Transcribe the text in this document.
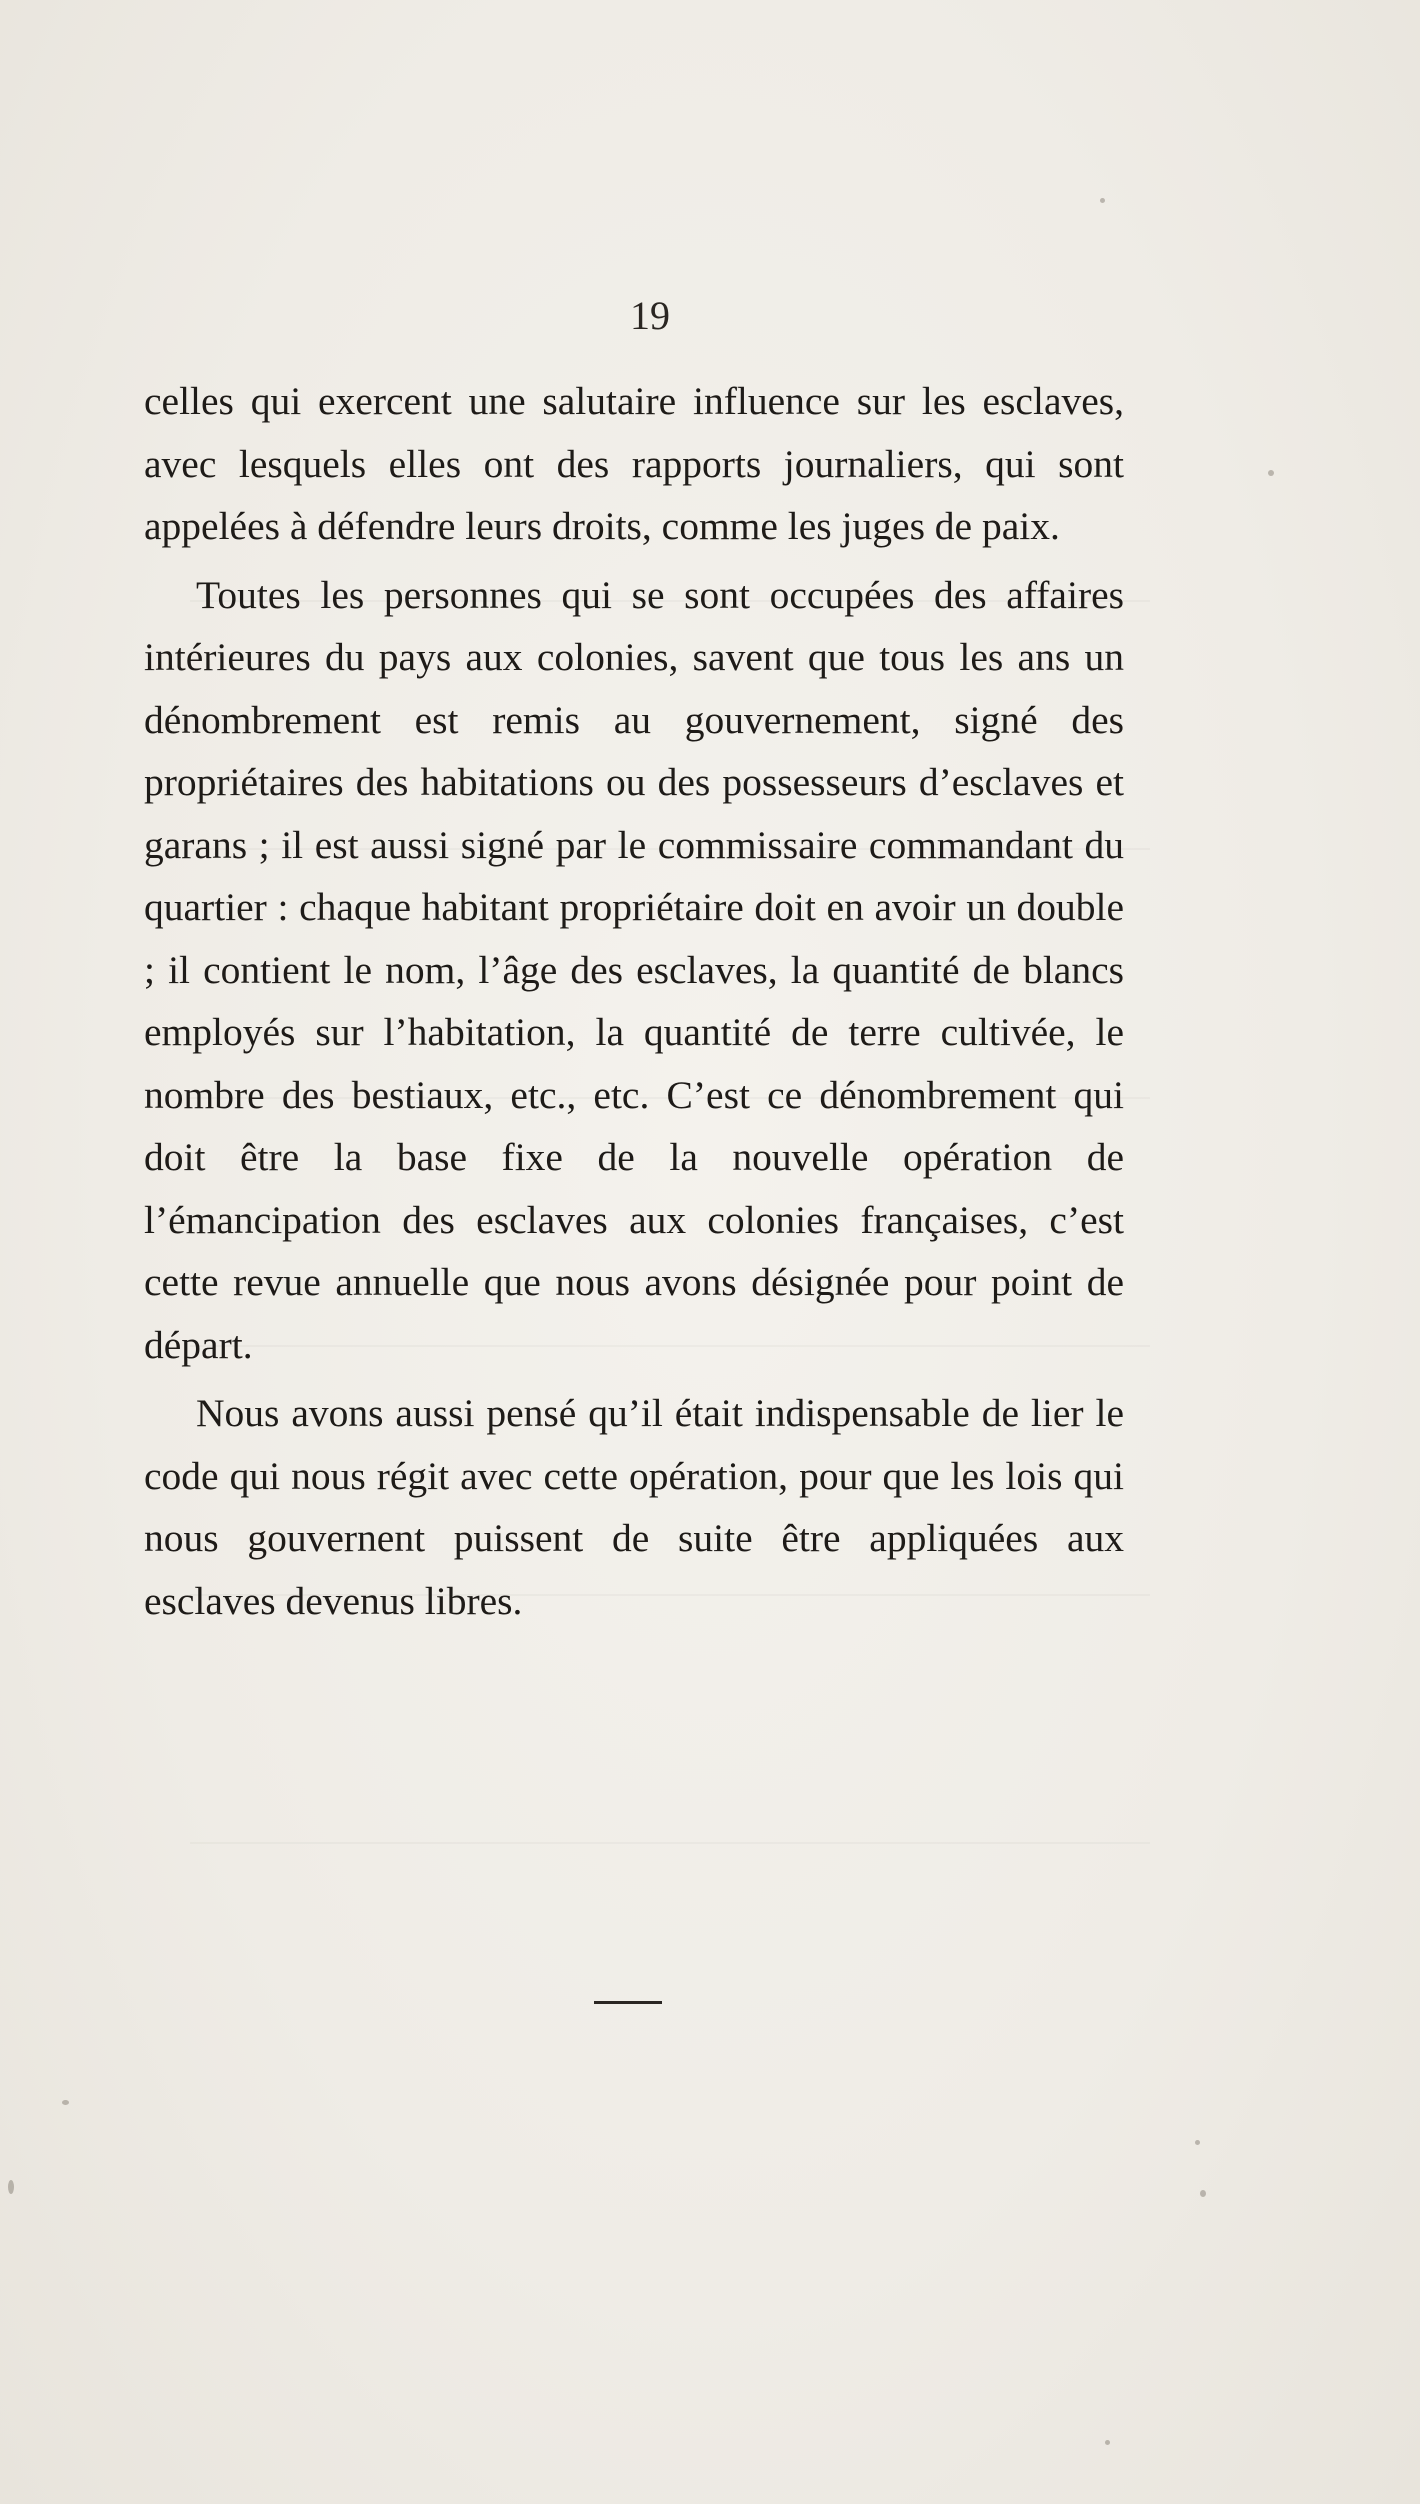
19

celles qui exercent une salutaire influence sur les esclaves, avec lesquels elles ont des rapports journaliers, qui sont appelées à défendre leurs droits, comme les juges de paix.

Toutes les personnes qui se sont occupées des affaires intérieures du pays aux colonies, savent que tous les ans un dénombrement est remis au gouvernement, signé des propriétaires des habitations ou des possesseurs d’esclaves et garans ; il est aussi signé par le commissaire commandant du quartier : chaque habitant propriétaire doit en avoir un double ; il contient le nom, l’âge des esclaves, la quantité de blancs employés sur l’habitation, la quantité de terre cultivée, le nombre des bestiaux, etc., etc. C’est ce dénombrement qui doit être la base fixe de la nouvelle opération de l’émancipation des esclaves aux colonies françaises, c’est cette revue annuelle que nous avons désignée pour point de départ.

Nous avons aussi pensé qu’il était indispensable de lier le code qui nous régit avec cette opération, pour que les lois qui nous gouvernent puissent de suite être appliquées aux esclaves devenus libres.
